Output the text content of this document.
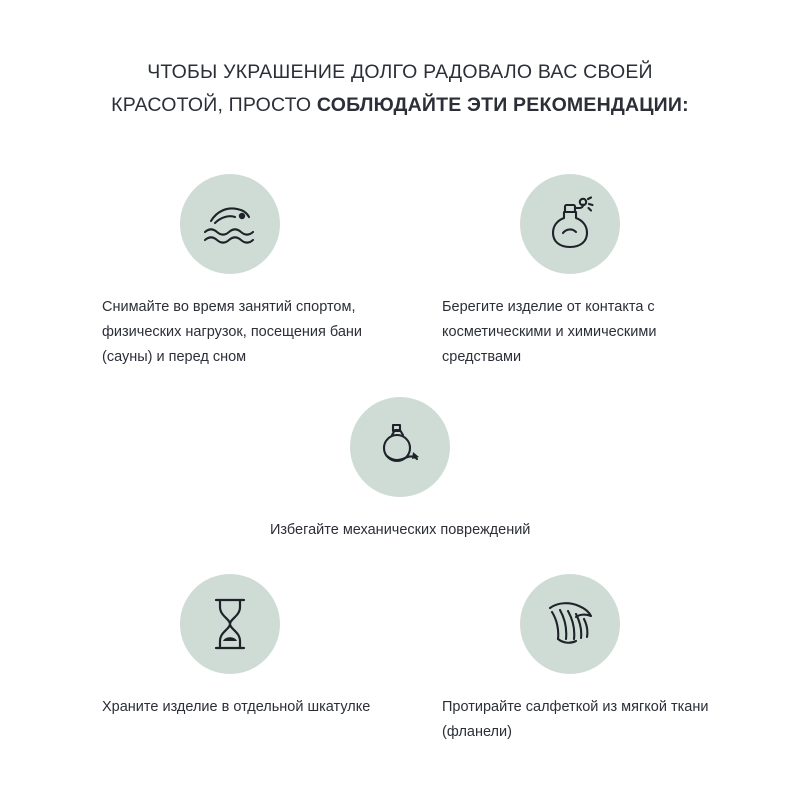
ЧТОБЫ УКРАШЕНИЕ ДОЛГО РАДОВАЛО ВАС СВОЕЙ
КРАСОТОЙ, ПРОСТО СОБЛЮДАЙТЕ ЭТИ РЕКОМЕНДАЦИИ:
Снимайте во время занятий спортом, физических нагрузок, посещения бани (сауны) и перед сном
Берегите изделие от контакта с косметическими и химическими средствами
Избегайте механических повреждений
Храните изделие в отдельной шкатулке	Протирайте салфеткой из мягкой ткани (фланели)
